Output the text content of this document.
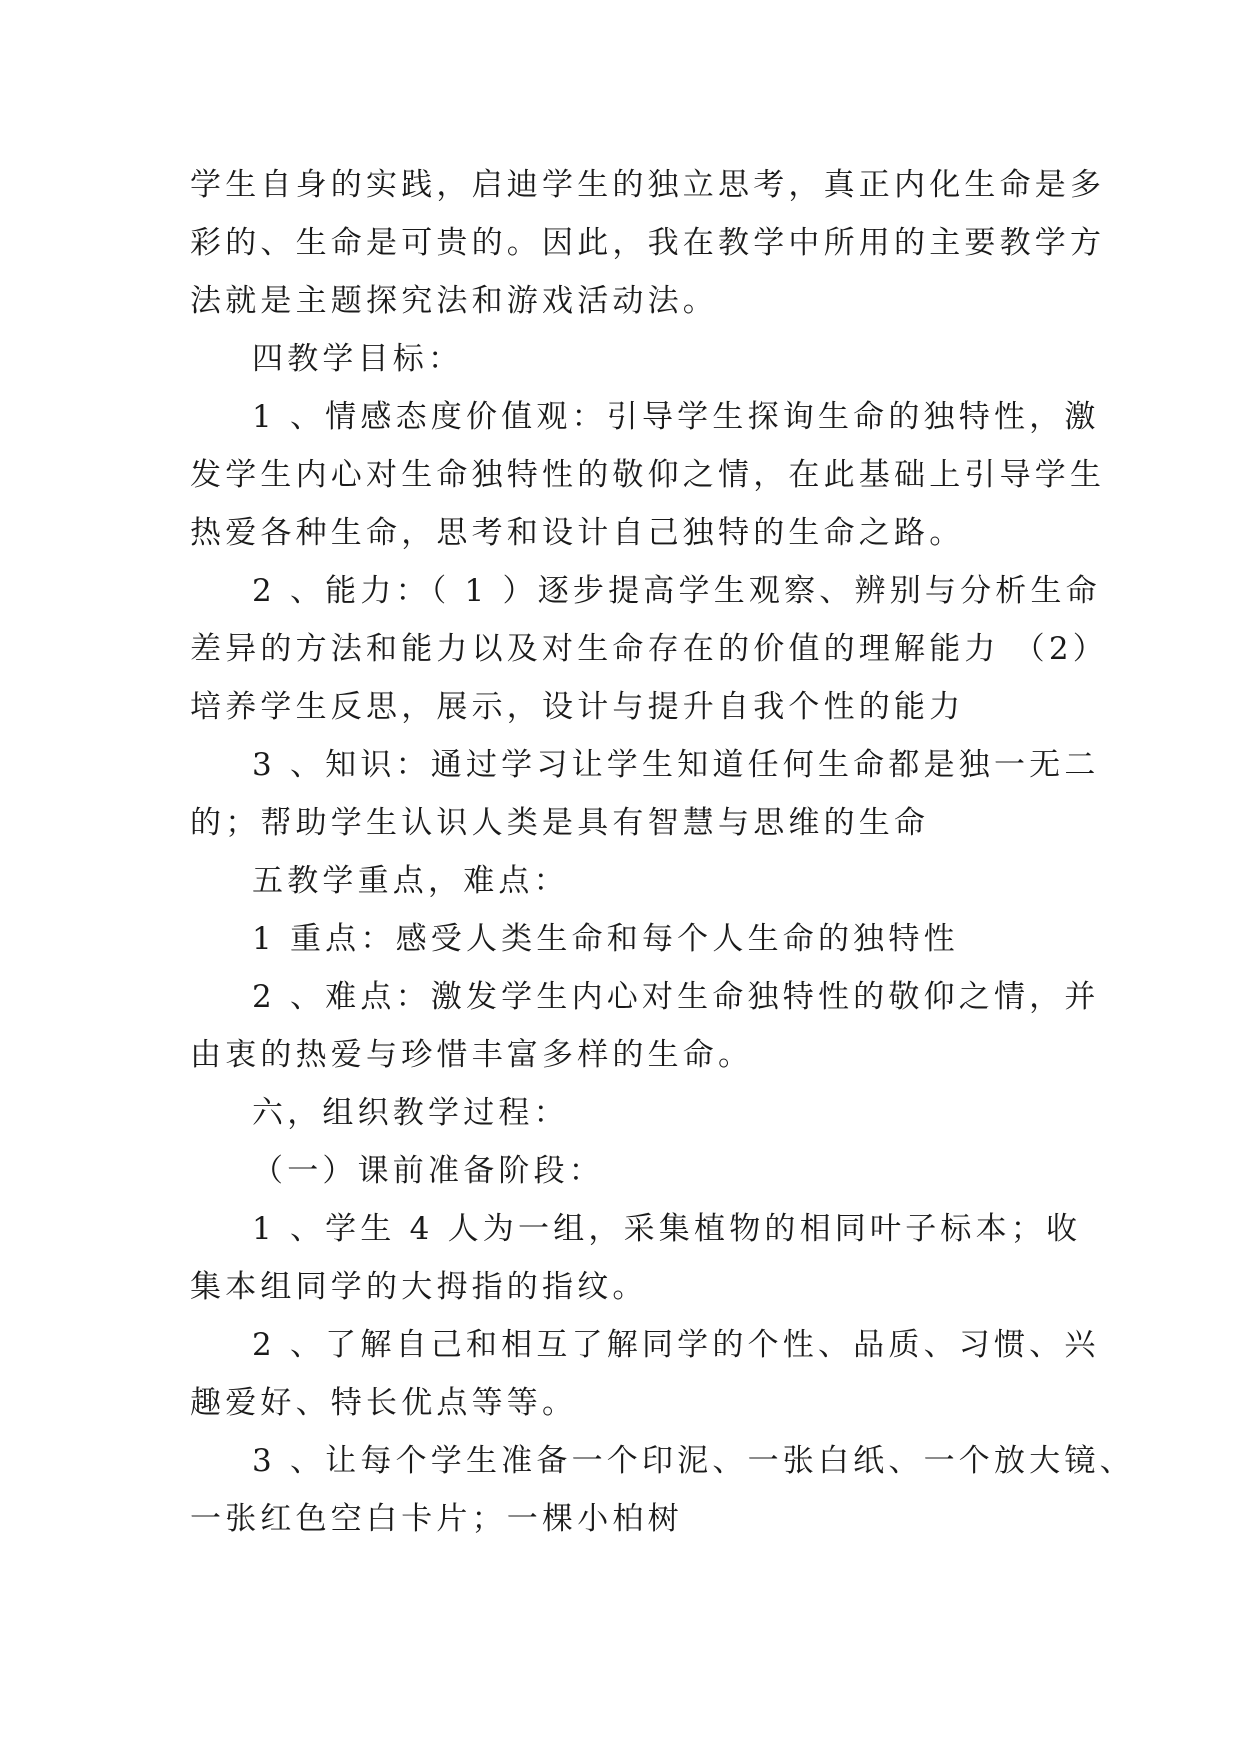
学生自身的实践，启迪学生的独立思考，真正内化生命是多
彩的、生命是可贵的。因此，我在教学中所用的主要教学方
法就是主题探究法和游戏活动法。
四教学目标：
1 、情感态度价值观：引导学生探询生命的独特性，激
发学生内心对生命独特性的敬仰之情，在此基础上引导学生
热爱各种生命，思考和设计自己独特的生命之路。
2 、能力：（ 1 ）逐步提高学生观察、辨别与分析生命
差异的方法和能力以及对生命存在的价值的理解能力 （2）
培养学生反思，展示，设计与提升自我个性的能力
3 、知识：通过学习让学生知道任何生命都是独一无二
的；帮助学生认识人类是具有智慧与思维的生命
五教学重点，难点：
1 重点：感受人类生命和每个人生命的独特性
2 、难点：激发学生内心对生命独特性的敬仰之情，并
由衷的热爱与珍惜丰富多样的生命。
六，组织教学过程：
（一）课前准备阶段：
1 、学生 4 人为一组，采集植物的相同叶子标本；收
集本组同学的大拇指的指纹。
2 、了解自己和相互了解同学的个性、品质、习惯、兴
趣爱好、特长优点等等。
3 、让每个学生准备一个印泥、一张白纸、一个放大镜、
一张红色空白卡片；一棵小柏树
